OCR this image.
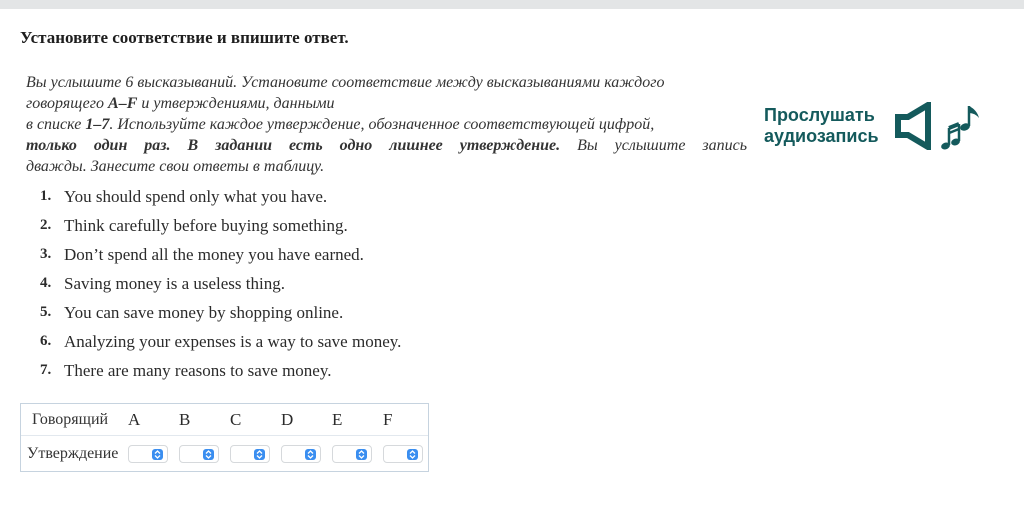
Установите соответствие и впишите ответ.
Вы услышите 6 высказываний. Установите соответствие между высказываниями каждого
говорящего A–F и утверждениями, данными
в списке 1–7. Используйте каждое утверждение, обозначенное соответствующей цифрой,
только один раз. В задании есть одно лишнее утверждение. Вы услышите запись
дважды. Занесите свои ответы в таблицу.
Прослушать
аудиозапись
1. You should spend only what you have.
2. Think carefully before buying something.
3. Don’t spend all the money you have earned.
4. Saving money is a useless thing.
5. You can save money by shopping online.
6. Analyzing your expenses is a way to save money.
7. There are many reasons to save money.
Говорящий A B C D E F
Утверждение
